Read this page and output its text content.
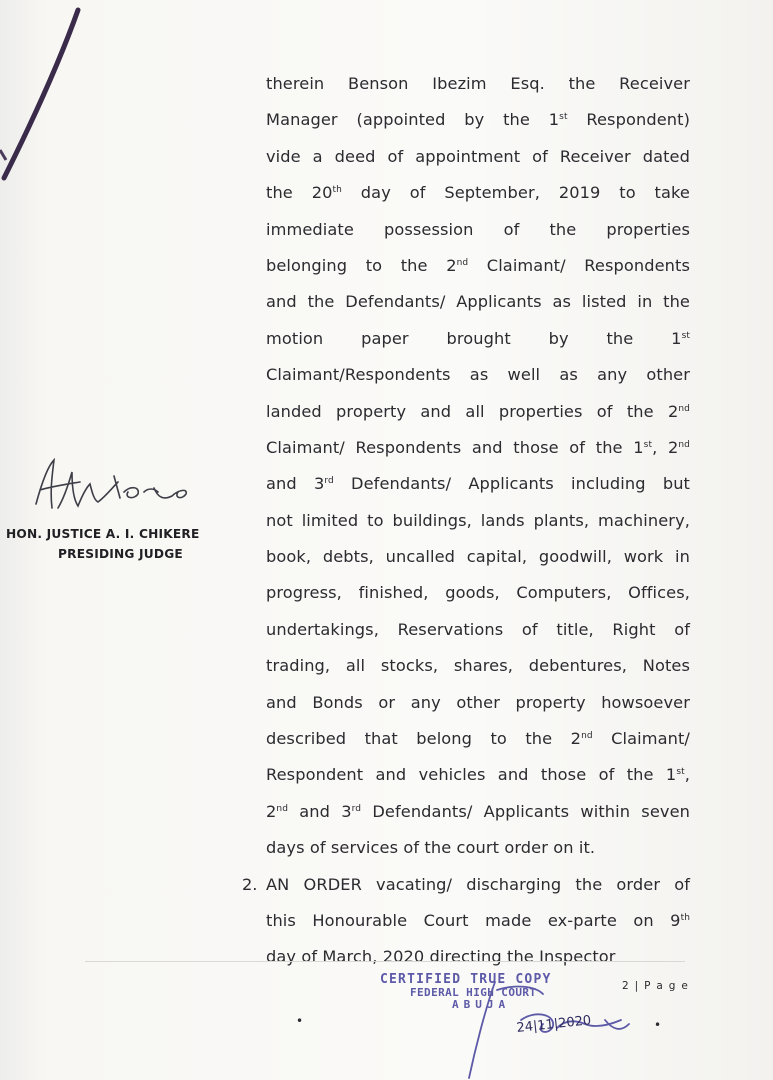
therein Benson Ibezim Esq. the Receiver
Manager (appointed by the 1st Respondent)
vide a deed of appointment of Receiver dated
the 20th day of September, 2019 to take
immediate possession of the properties
belonging to the 2nd Claimant/ Respondents
and the Defendants/ Applicants as listed in the
motion paper brought by the 1st
Claimant/Respondents as well as any other
landed property and all properties of the 2nd
Claimant/ Respondents and those of the 1st, 2nd
and 3rd Defendants/ Applicants including but
not limited to buildings, lands plants, machinery,
book, debts, uncalled capital, goodwill, work in
progress, finished, goods, Computers, Offices,
undertakings, Reservations of title, Right of
trading, all stocks, shares, debentures, Notes
and Bonds or any other property howsoever
described that belong to the 2nd Claimant/
Respondent and vehicles and those of the 1st,
2nd and 3rd Defendants/ Applicants within seven
days of services of the court order on it.
2. AN ORDER vacating/ discharging the order of
this Honourable Court made ex-parte on 9th
day of March, 2020 directing the Inspector
HON. JUSTICE A. I. CHIKERE
PRESIDING JUDGE
CERTIFIED TRUE COPY
FEDERAL HIGH COURT
ABUJA
24|11|2020
2 | P a g e
•	•
